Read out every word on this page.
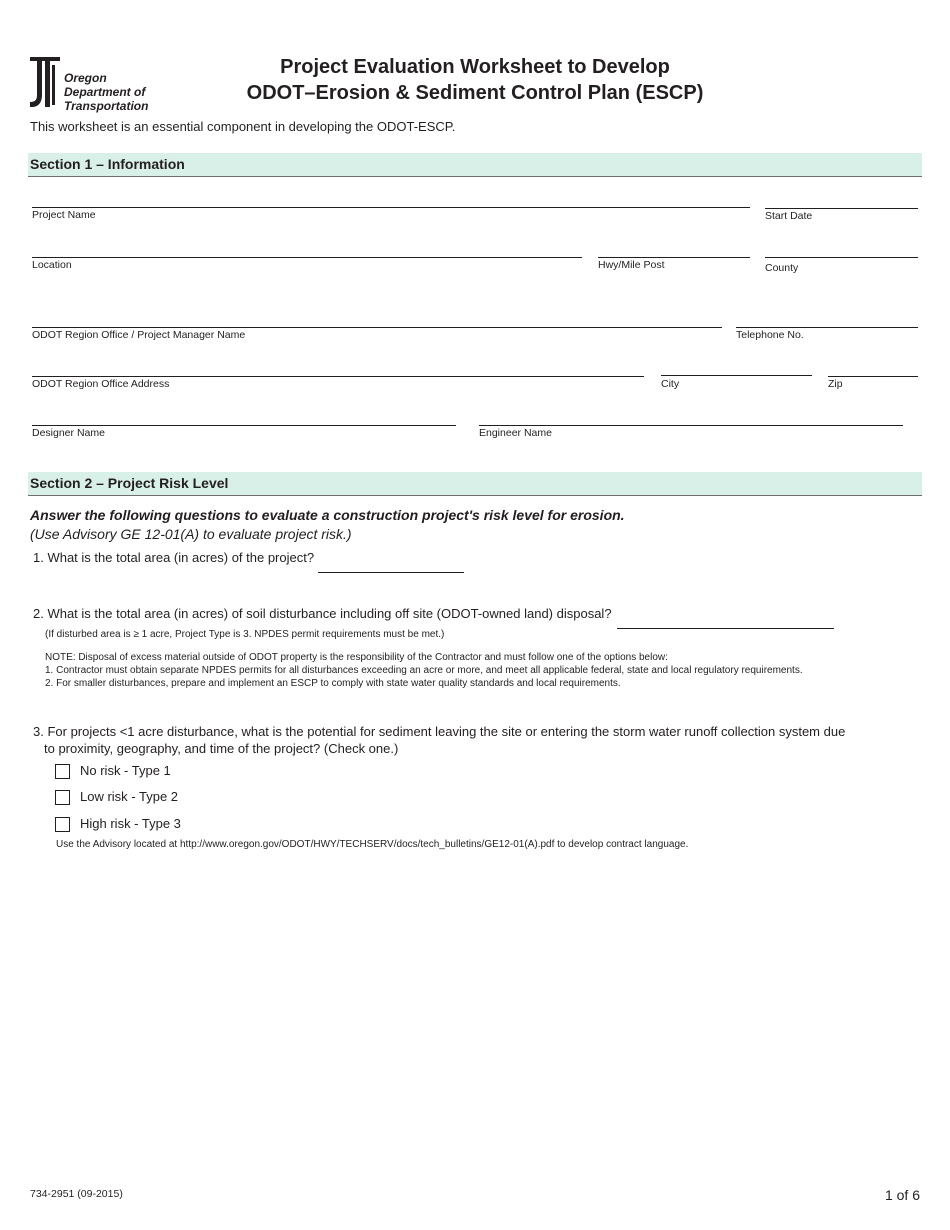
Oregon
Department of
Transportation
Project Evaluation Worksheet to Develop
ODOT–Erosion & Sediment Control Plan (ESCP)
This worksheet is an essential component in developing the ODOT-ESCP.
Section 1 – Information
Project Name	Start Date
Location	Hwy/Mile Post	County
ODOT Region Office / Project Manager Name	Telephone No.
ODOT Region Office Address	City	Zip
Designer Name	Engineer Name
Section 2 – Project Risk Level
Answer the following questions to evaluate a construction project's risk level for erosion.
(Use Advisory GE 12-01(A) to evaluate project risk.)
1. What is the total area (in acres) of the project?
2. What is the total area (in acres) of soil disturbance including off site (ODOT-owned land) disposal?
(If disturbed area is ≥ 1 acre, Project Type is 3. NPDES permit requirements must be met.)
NOTE: Disposal of excess material outside of ODOT property is the responsibility of the Contractor and must follow one of the options below:
1. Contractor must obtain separate NPDES permits for all disturbances exceeding an acre or more, and meet all applicable federal, state and local regulatory requirements.
2. For smaller disturbances, prepare and implement an ESCP to comply with state water quality standards and local requirements.
3. For projects <1 acre disturbance, what is the potential for sediment leaving the site or entering the storm water runoff collection system due
to proximity, geography, and time of the project? (Check one.)
No risk - Type 1
Low risk - Type 2
High risk - Type 3
Use the Advisory located at http://www.oregon.gov/ODOT/HWY/TECHSERV/docs/tech_bulletins/GE12-01(A).pdf to develop contract language.
734-2951 (09-2015)	1 of 6
